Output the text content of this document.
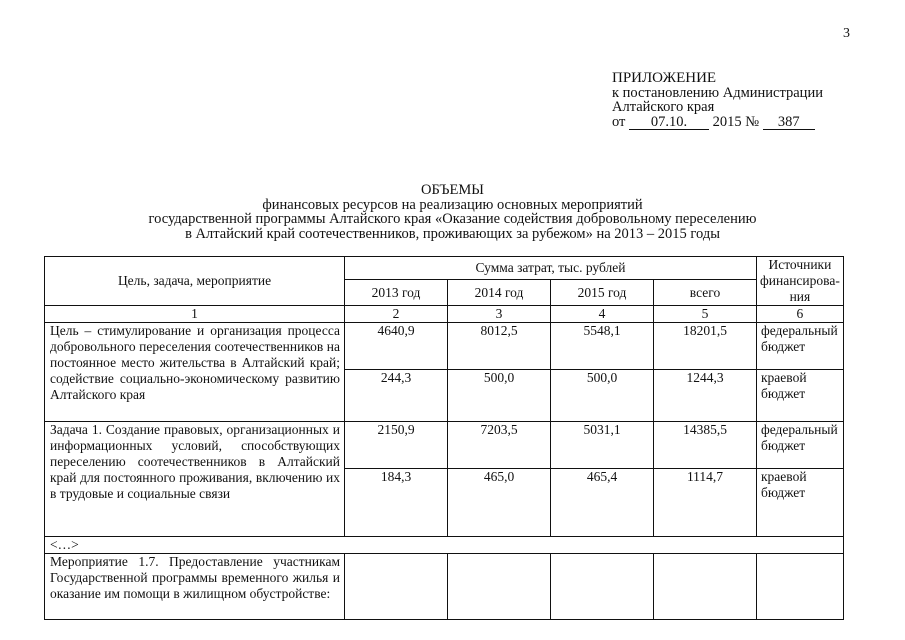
3
ПРИЛОЖЕНИЕ
к постановлению Администрации
Алтайского края
от 07.10. 2015 № 387
ОБЪЕМЫ
финансовых ресурсов на реализацию основных мероприятий
государственной программы Алтайского края «Оказание содействия добровольному переселению
в Алтайский край соотечественников, проживающих за рубежом» на 2013 – 2015 годы
Цель, задача, мероприятие	Сумма затрат, тыс. рублей				Источники финансирова-ния
	2013 год	2014 год	2015 год	всего	
1	2	3	4	5	6
Цель – стимулирование и организация процесса добровольного переселения соотечественников на постоянное место жительства в Алтайский край; содействие социально-экономическому развитию Алтайского края	4640,9	8012,5	5548,1	18201,5	федеральный бюджет
	244,3	500,0	500,0	1244,3	краевой бюджет
Задача 1. Создание правовых, организационных и информационных условий, способствующих переселению соотечественников в Алтайский край для постоянного проживания, включению их в трудовые и социальные связи	2150,9	7203,5	5031,1	14385,5	федеральный бюджет
	184,3	465,0	465,4	1114,7	краевой бюджет
<…>					
Мероприятие 1.7. Предоставление участникам Государственной программы временного жилья и оказание им помощи в жилищном обустройстве:					
